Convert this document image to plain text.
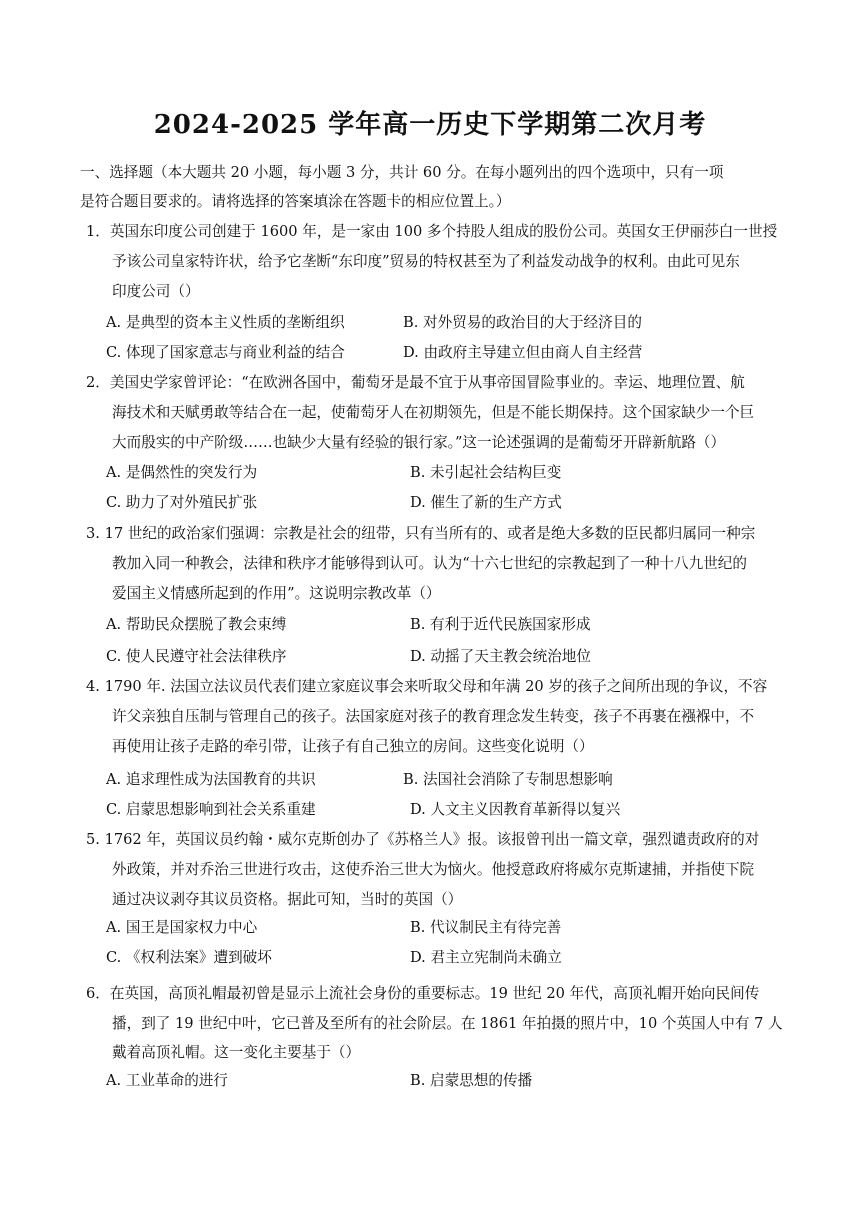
2024-2025 学年高一历史下学期第二次月考
一、选择题（本大题共 20 小题，每小题 3 分，共计 60 分。在每小题列出的四个选项中，只有一项
是符合题目要求的。请将选择的答案填涂在答题卡的相应位置上。）
1．英国东印度公司创建于 1600 年，是一家由 100 多个持股人组成的股份公司。英国女王伊丽莎白一世授
予该公司皇家特许状，给予它垄断“东印度”贸易的特权甚至为了利益发动战争的权利。由此可见东
印度公司（）
A. 是典型的资本主义性质的垄断组织	B. 对外贸易的政治目的大于经济目的
C. 体现了国家意志与商业利益的结合	D. 由政府主导建立但由商人自主经营
2．美国史学家曾评论：“在欧洲各国中，葡萄牙是最不宜于从事帝国冒险事业的。幸运、地理位置、航
海技术和天赋勇敢等结合在一起，使葡萄牙人在初期领先，但是不能长期保持。这个国家缺少一个巨
大而殷实的中产阶级……也缺少大量有经验的银行家。”这一论述强调的是葡萄牙开辟新航路（）
A. 是偶然性的突发行为	B. 未引起社会结构巨变
C. 助力了对外殖民扩张	D. 催生了新的生产方式
3. 17 世纪的政治家们强调：宗教是社会的纽带，只有当所有的、或者是绝大多数的臣民都归属同一种宗
教加入同一种教会，法律和秩序才能够得到认可。认为“十六七世纪的宗教起到了一种十八九世纪的
爱国主义情感所起到的作用”。这说明宗教改革（）
A. 帮助民众摆脱了教会束缚	B. 有利于近代民族国家形成
C. 使人民遵守社会法律秩序	D. 动摇了天主教会统治地位
4. 1790 年. 法国立法议员代表们建立家庭议事会来听取父母和年满 20 岁的孩子之间所出现的争议，不容
许父亲独自压制与管理自己的孩子。法国家庭对孩子的教育理念发生转变，孩子不再裹在襁褓中，不
再使用让孩子走路的牵引带，让孩子有自己独立的房间。这些变化说明（）
A. 追求理性成为法国教育的共识	B. 法国社会消除了专制思想影响
C. 启蒙思想影响到社会关系重建	D. 人文主义因教育革新得以复兴
5. 1762 年，英国议员约翰・威尔克斯创办了《苏格兰人》报。该报曾刊出一篇文章，强烈谴责政府的对
外政策，并对乔治三世进行攻击，这使乔治三世大为恼火。他授意政府将威尔克斯逮捕，并指使下院
通过决议剥夺其议员资格。据此可知，当时的英国（）
A. 国王是国家权力中心	B. 代议制民主有待完善
C. 《权利法案》遭到破坏	D. 君主立宪制尚未确立
6．在英国，高顶礼帽最初曾是显示上流社会身份的重要标志。19 世纪 20 年代，高顶礼帽开始向民间传
播，到了 19 世纪中叶，它已普及至所有的社会阶层。在 1861 年拍摄的照片中，10 个英国人中有 7 人
戴着高顶礼帽。这一变化主要基于（）
A. 工业革命的进行	B. 启蒙思想的传播
